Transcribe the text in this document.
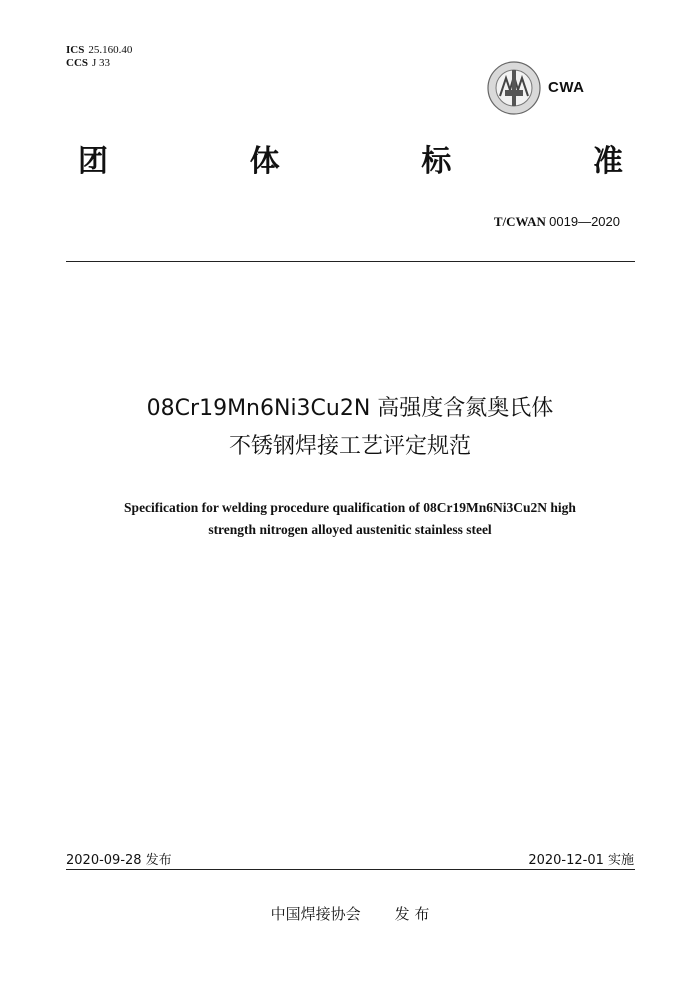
ICS 25.160.40
CCS J 33
CWA
团	体	标	准
T/CWAN 0019—2020
08Cr19Mn6Ni3Cu2N 高强度含氮奥氏体
不锈钢焊接工艺评定规范
Specification for welding procedure qualification of 08Cr19Mn6Ni3Cu2N high
strength nitrogen alloyed austenitic stainless steel
2020-09-28 发布	2020-12-01 实施
中国焊接协会 发 布
